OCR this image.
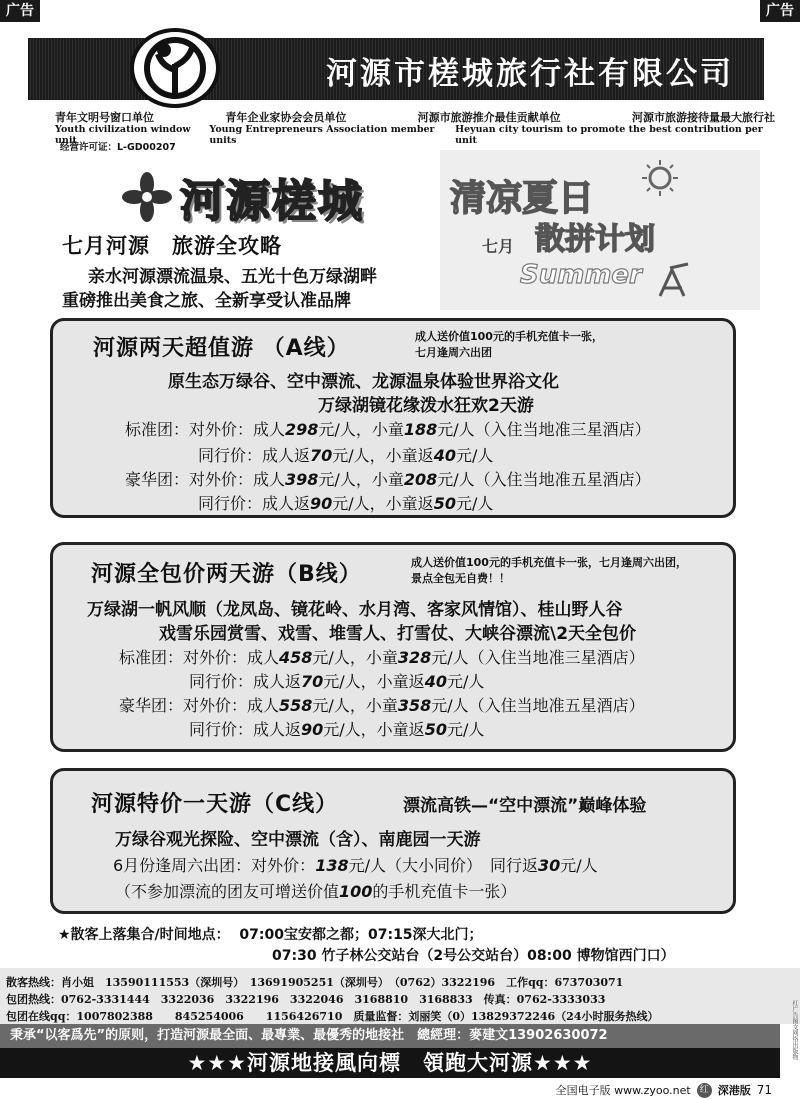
广告	广告
河源市槎城旅行社有限公司
青年文明号窗口单位	青年企业家协会会员单位	河源市旅游推介最佳贡献单位	河源市旅游接待量最大旅行社
Youth civilization window unit
Young Entrepreneurs Association member units
Heyuan city tourism to promote the best contribution per unit
经营许可证：L-GD00207
河源槎城
七月河源　旅游全攻略
亲水河源漂流温泉、五光十色万绿湖畔
重磅推出美食之旅、全新享受认准品牌
清凉夏日
七月 散拼计划
Summer
河源两天超值游 （A线）	成人送价值100元的手机充值卡一张，
七月逢周六出团
原生态万绿谷、空中漂流、龙源温泉体验世界浴文化
万绿湖镜花缘泼水狂欢2天游
标准团：对外价：成人298元/人，小童188元/人（入住当地准三星酒店）
同行价：成人返70元/人，小童返40元/人
豪华团：对外价：成人398元/人，小童208元/人（入住当地准五星酒店）
同行价：成人返90元/人，小童返50元/人
河源全包价两天游（B线）	成人送价值100元的手机充值卡一张，七月逢周六出团，
景点全包无自费！！
万绿湖一帆风顺（龙凤岛、镜花岭、水月湾、客家风情馆）、桂山野人谷
戏雪乐园赏雪、戏雪、堆雪人、打雪仗、大峡谷漂流\2天全包价
标准团：对外价：成人458元/人，小童328元/人（入住当地准三星酒店）
同行价：成人返70元/人，小童返40元/人
豪华团：对外价：成人558元/人，小童358元/人（入住当地准五星酒店）
同行价：成人返90元/人，小童返50元/人
河源特价一天游（C线）	漂流高铁—“空中漂流”巅峰体验
万绿谷观光探险、空中漂流（含）、南鹿园一天游
6月份逢周六出团：对外价：138元/人（大小同价）　同行返30元/人
（不参加漂流的团友可增送价值100的手机充值卡一张）
★散客上落集合/时间地点： 07:00宝安都之都；07:15深大北门；
07:30 竹子林公交站台（2号公交站台）08:00 博物馆西门口）
散客热线：肖小姐　13590111553（深圳号）　13691905251（深圳号）　（0762）3322196　工作qq：673703071
包团热线：0762-3331444　3322036　3322196　3322046　3168810　3168833　传真：0762-3333033
包团在线qq：1007802388　　845254006　　1156426710　质量监督：刘丽笑（0）13829372246（24小时服务热线）
秉承“以客爲先”的原则，打造河源最全面、最專業、最優秀的地接社　總經理：麥建文13902630072
★★★河源地接風向標　領跑大河源★★★
红广告图文网络出版物
全国电子版 www.zyoo.net 红 深港版 71
